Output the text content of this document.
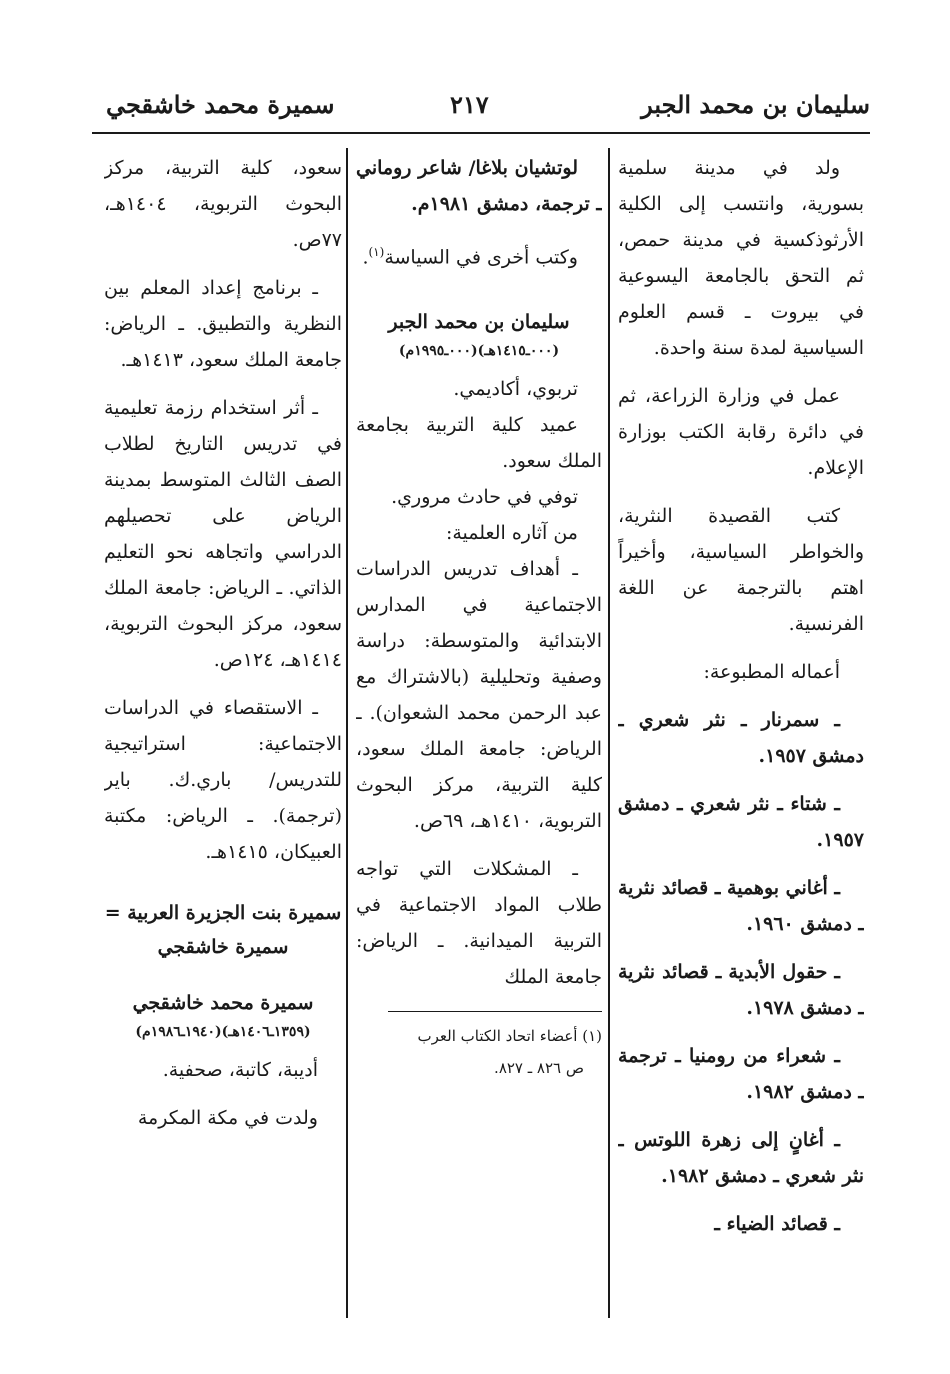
سليمان بن محمد الجبر
٢١٧
سميرة محمد خاشقجي

ولد في مدينة سلمية بسورية، وانتسب إلى الكلية الأرثوذكسية في مدينة حمص، ثم التحق بالجامعة اليسوعية في بيروت ـ قسم العلوم السياسية لمدة سنة واحدة.

عمل في وزارة الزراعة، ثم في دائرة رقابة الكتب بوزارة الإعلام.

كتب القصيدة النثرية، والخواطر السياسية، وأخيراً اهتم بالترجمة عن اللغة الفرنسية.

أعماله المطبوعة:

ـ سمرنار ـ نثر شعري ـ دمشق ١٩٥٧.

ـ شتاء ـ نثر شعري ـ دمشق ١٩٥٧.

ـ أغاني بوهمية ـ قصائد نثرية ـ دمشق ١٩٦٠.

ـ حقول الأبدية ـ قصائد نثرية ـ دمشق ١٩٧٨.

ـ شعراء من رومنيا ـ ترجمة ـ دمشق ١٩٨٢.

ـ أغانٍ إلى زهرة اللوتس ـ نثر شعري ـ دمشق ١٩٨٢.

ـ قصائد الضياء ـ

لوتشيان بلاغا/ شاعر روماني ـ ترجمة، دمشق ١٩٨١م.

وكتب أخرى في السياسة$^{(١)}$.

سليمان بن محمد الجبر

(٠٠٠ـ١٤١٥هـ)(٠٠٠ـ١٩٩٥م)

تربوي، أكاديمي.

عميد كلية التربية بجامعة الملك سعود.

توفي في حادث مروري.

من آثاره العلمية:

ـ أهداف تدريس الدراسات الاجتماعية في المدارس الابتدائية والمتوسطة: دراسة وصفية وتحليلية (بالاشتراك مع عبد الرحمن محمد الشعوان). ـ الرياض: جامعة الملك سعود، كلية التربية، مركز البحوث التربوية، ١٤١٠هـ، ٦٩ص.

ـ المشكلات التي تواجه طلاب المواد الاجتماعية في التربية الميدانية. ـ الرياض: جامعة الملك

(١) أعضاء اتحاد الكتاب العرب

ص ٨٢٦ ـ ٨٢٧.

سعود، كلية التربية، مركز البحوث التربوية، ١٤٠٤هـ، ٧٧ص.

ـ برنامج إعداد المعلم بين النظرية والتطبيق. ـ الرياض: جامعة الملك سعود، ١٤١٣هـ.

ـ أثر استخدام رزمة تعليمية في تدريس التاريخ لطلاب الصف الثالث المتوسط بمدينة الرياض على تحصيلهم الدراسي واتجاهه نحو التعليم الذاتي. ـ الرياض: جامعة الملك سعود، مركز البحوث التربوية، ١٤١٤هـ، ١٢٤ص.

ـ الاستقصاء في الدراسات الاجتماعية: استراتيجية للتدريس/ باري.ك. باير (ترجمة). ـ الرياض: مكتبة العبيكان، ١٤١٥هـ.

سميرة بنت الجزيرة العربية =

سميرة خاشقجي

سميرة محمد خاشقجي

(١٣٥٩ـ١٤٠٦هـ)(١٩٤٠ـ١٩٨٦م)

أديبة، كاتبة، صحفية.

ولدت في مكة المكرمة
